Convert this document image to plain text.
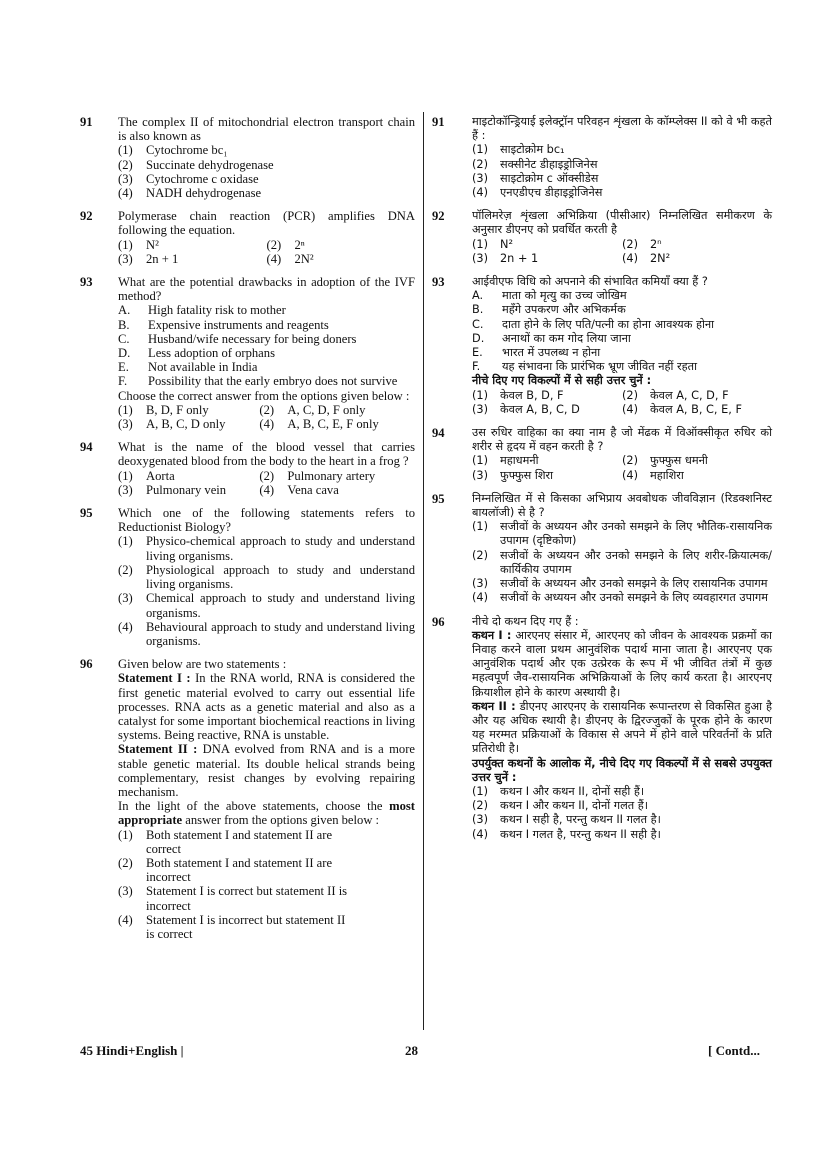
91 The complex II of mitochondrial electron transport chain is also known as
(1)	Cytochrome bc₁
(2)	Succinate dehydrogenase
(3)	Cytochrome c oxidase
(4)	NADH dehydrogenase
92 Polymerase chain reaction (PCR) amplifies DNA following the equation.
(1)	N²	(2)	2ⁿ
(3)	2n + 1	(4)	2N²
93 What are the potential drawbacks in adoption of the IVF method?
A.	High fatality risk to mother
B.	Expensive instruments and reagents
C.	Husband/wife necessary for being doners
D.	Less adoption of orphans
E.	Not available in India
F.	Possibility that the early embryo does not survive
Choose the correct answer from the options given below :
(1)	B, D, F only	(2)	A, C, D, F only
(3)	A, B, C, D only	(4)	A, B, C, E, F only
94 What is the name of the blood vessel that carries deoxygenated blood from the body to the heart in a frog ?
(1)	Aorta	(2)	Pulmonary artery
(3)	Pulmonary vein	(4)	Vena cava
95 Which one of the following statements refers to Reductionist Biology?
(1)	Physico-chemical approach to study and understand living organisms.
(2)	Physiological approach to study and understand living organisms.
(3)	Chemical approach to study and understand living organisms.
(4)	Behavioural approach to study and understand living organisms.
96 Given below are two statements :
Statement I : In the RNA world, RNA is considered the first genetic material evolved to carry out essential life processes. RNA acts as a genetic material and also as a catalyst for some important biochemical reactions in living systems. Being reactive, RNA is unstable.
Statement II : DNA evolved from RNA and is a more stable genetic material. Its double helical strands being complementary, resist changes by evolving repairing mechanism.
In the light of the above statements, choose the most appropriate answer from the options given below :
(1)	Both statement I and statement II are correct
(2)	Both statement I and statement II are incorrect
(3)	Statement I is correct but statement II is incorrect
(4)	Statement I is incorrect but statement II is correct
91 माइटोकॉन्ड्रियाई इलेक्ट्रॉन परिवहन शृंखला के कॉम्प्लेक्स II को वे भी कहते हैं :
(1)	साइटोक्रोम bc₁
(2)	सक्सीनेट डीहाइड्रोजिनेस
(3)	साइटोक्रोम c ऑक्सीडेस
(4)	एनएडीएच डीहाइड्रोजिनेस
92 पॉलिमरेज़ शृंखला अभिक्रिया (पीसीआर) निम्नलिखित समीकरण के अनुसार डीएनए को प्रवर्धित करती है
(1)	N²	(2)	2ⁿ
(3)	2n + 1	(4)	2N²
93 आईवीएफ विधि को अपनाने की संभावित कमियाँ क्या हैं ?
A.	माता को मृत्यु का उच्च जोखिम
B.	महँगे उपकरण और अभिकर्मक
C.	दाता होने के लिए पति/पत्नी का होना आवश्यक होना
D.	अनाथों का कम गोद लिया जाना
E.	भारत में उपलब्ध न होना
F.	यह संभावना कि प्रारंभिक भ्रूण जीवित नहीं रहता
नीचे दिए गए विकल्पों में से सही उत्तर चुनें :
(1)	केवल B, D, F	(2)	केवल A, C, D, F
(3)	केवल A, B, C, D	(4)	केवल A, B, C, E, F
94 उस रुधिर वाहिका का क्या नाम है जो मेंढक में विऑक्सीकृत रुधिर को शरीर से हृदय में वहन करती है ?
(1)	महाधमनी	(2)	फुफ्फुस धमनी
(3)	फुफ्फुस शिरा	(4)	महाशिरा
95 निम्नलिखित में से किसका अभिप्राय अवबोधक जीवविज्ञान (रिडक्शनिस्ट बायलॉजी) से है ?
(1)	सजीवों के अध्ययन और उनको समझने के लिए भौतिक-रासायनिक उपागम (दृष्टिकोण)
(2)	सजीवों के अध्ययन और उनको समझने के लिए शरीर-क्रियात्मक/कार्यिकीय उपागम
(3)	सजीवों के अध्ययन और उनको समझने के लिए रासायनिक उपागम
(4)	सजीवों के अध्ययन और उनको समझने के लिए व्यवहारगत उपागम
96 नीचे दो कथन दिए गए हैं :
कथन I : आरएनए संसार में, आरएनए को जीवन के आवश्यक प्रक्रमों का निवाह करने वाला प्रथम आनुवंशिक पदार्थ माना जाता है। आरएनए एक आनुवंशिक पदार्थ और एक उत्प्रेरक के रूप में भी जीवित तंत्रों में कुछ महत्वपूर्ण जैव-रासायनिक अभिक्रियाओं के लिए कार्य करता है। आरएनए क्रियाशील होने के कारण अस्थायी है।
कथन II : डीएनए आरएनए के रासायनिक रूपान्तरण से विकसित हुआ है और यह अधिक स्थायी है। डीएनए के द्विरज्जुकों के पूरक होने के कारण यह मरम्मत प्रक्रियाओं के विकास से अपने में होने वाले परिवर्तनों के प्रति प्रतिरोधी है।
उपर्युक्त कथनों के आलोक में, नीचे दिए गए विकल्पों में से सबसे उपयुक्त उत्तर चुनें :
(1)	कथन I और कथन II, दोनों सही हैं।
(2)	कथन I और कथन II, दोनों गलत हैं।
(3)	कथन I सही है, परन्तु कथन II गलत है।
(4)	कथन I गलत है, परन्तु कथन II सही है।
45 Hindi+English |	28	[ Contd...
